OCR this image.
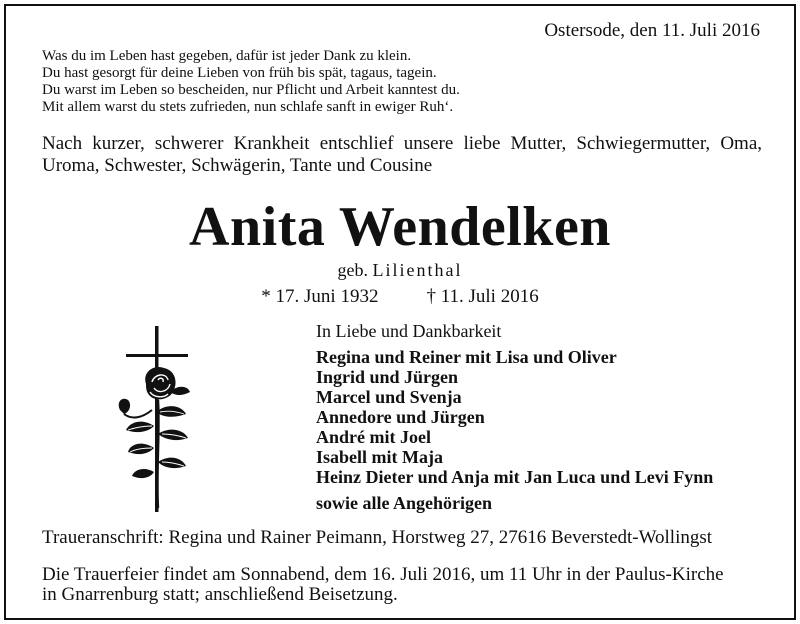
Ostersode, den 11. Juli 2016
Was du im Leben hast gegeben, dafür ist jeder Dank zu klein.
Du hast gesorgt für deine Lieben von früh bis spät, tagaus, tagein.
Du warst im Leben so bescheiden, nur Pflicht und Arbeit kanntest du.
Mit allem warst du stets zufrieden, nun schlafe sanft in ewiger Ruh‘.
Nach kurzer, schwerer Krankheit entschlief unsere liebe Mutter, Schwiegermutter, Oma, Uroma, Schwester, Schwägerin, Tante und Cousine
Anita Wendelken
geb. Lilienthal
* 17. Juni 1932	† 11. Juli 2016
In Liebe und Dankbarkeit
Regina und Reiner mit Lisa und Oliver
Ingrid und Jürgen
Marcel und Svenja
Annedore und Jürgen
André mit Joel
Isabell mit Maja
Heinz Dieter und Anja mit Jan Luca und Levi Fynn
sowie alle Angehörigen
Traueranschrift: Regina und Rainer Peimann, Horstweg 27, 27616 Beverstedt-Wollingst
Die Trauerfeier findet am Sonnabend, dem 16. Juli 2016, um 11 Uhr in der Paulus-Kirche
in Gnarrenburg statt; anschließend Beisetzung.
